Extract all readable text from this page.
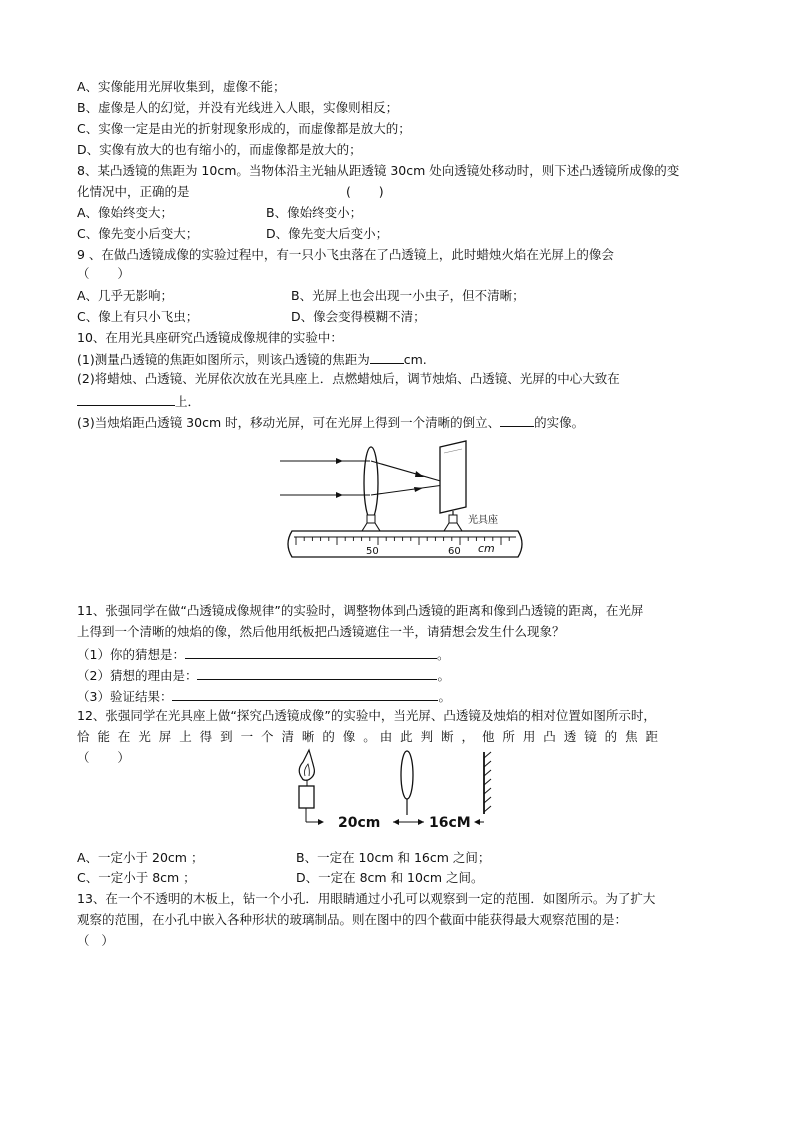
A、实像能用光屏收集到，虚像不能；
B、虚像是人的幻觉，并没有光线进入人眼，实像则相反；
C、实像一定是由光的折射现象形成的，而虚像都是放大的；
D、实像有放大的也有缩小的，而虚像都是放大的；
8、某凸透镜的焦距为 10cm。当物体沿主光轴从距透镜 30cm 处向透镜处移动时，则下述凸透镜所成像的变
化情况中，正确的是	(       )
A、像始终变大；	B、像始终变小；
C、像先变小后变大；	D、像先变大后变小；
9 、在做凸透镜成像的实验过程中，有一只小飞虫落在了凸透镜上，此时蜡烛火焰在光屏上的像会
（       ）
A、几乎无影响；	B、光屏上也会出现一小虫子，但不清晰；
C、像上有只小飞虫；	D、像会变得模糊不清；
10、在用光具座研究凸透镜成像规律的实验中：
(1)测量凸透镜的焦距如图所示，则该凸透镜的焦距为	cm.
(2)将蜡烛、凸透镜、光屏依次放在光具座上．点燃蜡烛后，调节烛焰、凸透镜、光屏的中心大致在
上．
(3)当烛焰距凸透镜 30cm 时，移动光屏，可在光屏上得到一个清晰的倒立、	的实像。
光具座
50	60 cm
11、张强同学在做“凸透镜成像规律”的实验时，调整物体到凸透镜的距离和像到凸透镜的距离，在光屏
上得到一个清晰的烛焰的像，然后他用纸板把凸透镜遮住一半，请猜想会发生什么现象？
（1）你的猜想是：	。
（2）猜想的理由是：	。
（3）验证结果：	。
12、张强同学在光具座上做“探究凸透镜成像”的实验中，当光屏、凸透镜及烛焰的相对位置如图所示时，
恰  能  在  光  屏  上  得  到  一  个  清  晰  的  像  。 由  此  判  断  ，  他  所  用  凸  透  镜  的  焦  距
（       ）
20cm	16cM
A、一定小于 20cm ；	B、一定在 10cm 和 16cm 之间；
C、一定小于 8cm ；	D、一定在 8cm 和 10cm 之间。
13、在一个不透明的木板上，钻一个小孔．用眼睛通过小孔可以观察到一定的范围．如图所示。为了扩大
观察的范围，在小孔中嵌入各种形状的玻璃制品。则在图中的四个截面中能获得最大观察范围的是：
（   ）
